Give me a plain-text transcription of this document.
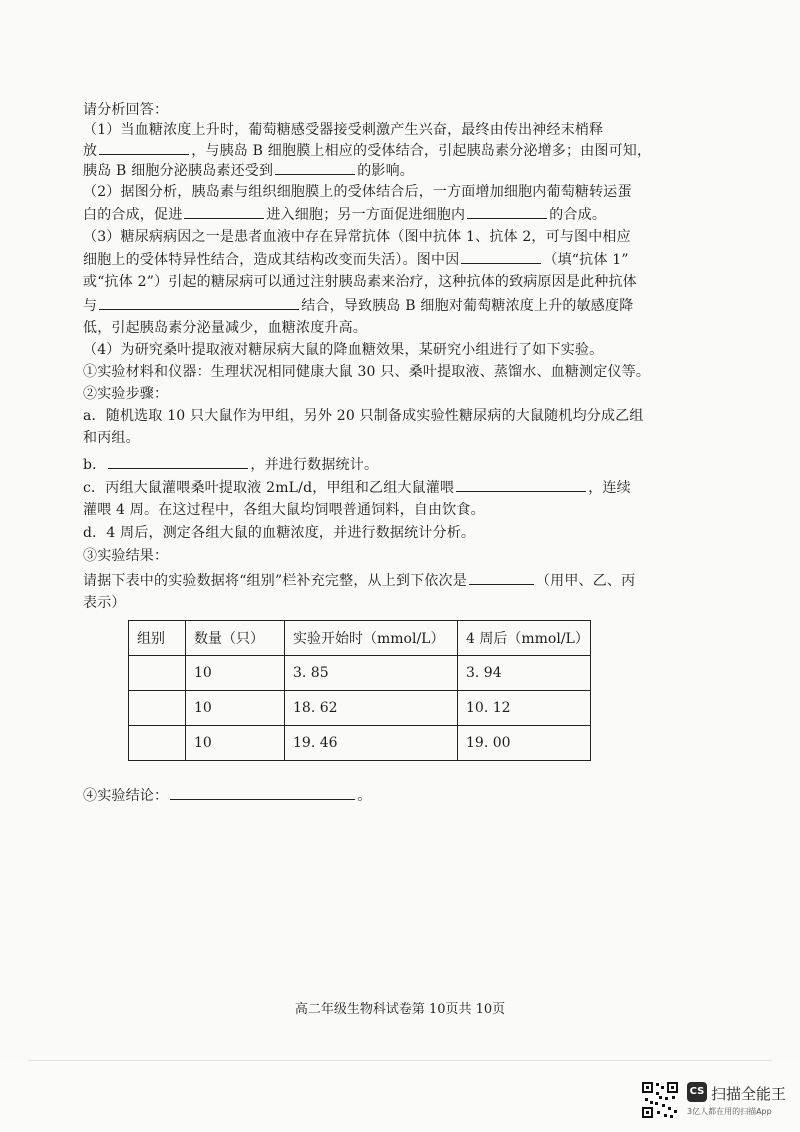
请分析回答：
（1）当血糖浓度上升时，葡萄糖感受器接受刺激产生兴奋，最终由传出神经末梢释
放	，与胰岛 B 细胞膜上相应的受体结合，引起胰岛素分泌增多；由图可知，
胰岛 B 细胞分泌胰岛素还受到	的影响。
（2）据图分析，胰岛素与组织细胞膜上的受体结合后，一方面增加细胞内葡萄糖转运蛋
白的合成，促进	进入细胞；另一方面促进细胞内	的合成。
（3）糖尿病病因之一是患者血液中存在异常抗体（图中抗体 1、抗体 2，可与图中相应
细胞上的受体特异性结合，造成其结构改变而失活）。图中因	（填“抗体 1”
或“抗体 2”）引起的糖尿病可以通过注射胰岛素来治疗，这种抗体的致病原因是此种抗体
与	结合，导致胰岛 B 细胞对葡萄糖浓度上升的敏感度降
低，引起胰岛素分泌量减少，血糖浓度升高。
（4）为研究桑叶提取液对糖尿病大鼠的降血糖效果，某研究小组进行了如下实验。
①实验材料和仪器：生理状况相同健康大鼠 30 只、桑叶提取液、蒸馏水、血糖测定仪等。
②实验步骤：
a．随机选取 10 只大鼠作为甲组，另外 20 只制备成实验性糖尿病的大鼠随机均分成乙组
和丙组。
b．	，并进行数据统计。
c．丙组大鼠灌喂桑叶提取液 2mL/d，甲组和乙组大鼠灌喂	，连续
灌喂 4 周。在这过程中，各组大鼠均饲喂普通饲料，自由饮食。
d．4 周后，测定各组大鼠的血糖浓度，并进行数据统计分析。
③实验结果：
请据下表中的实验数据将“组别”栏补充完整，从上到下依次是	（用甲、乙、丙
表示）
④实验结论：	。
组别	数量（只）	实验开始时（mmol/L）	4 周后（mmol/L）
	10	3. 85	3. 94
	10	18. 62	10. 12
	10	19. 46	19. 00
高二年级生物科试卷第 10页共 10页
CS 扫描全能王
3亿人都在用的扫描App
